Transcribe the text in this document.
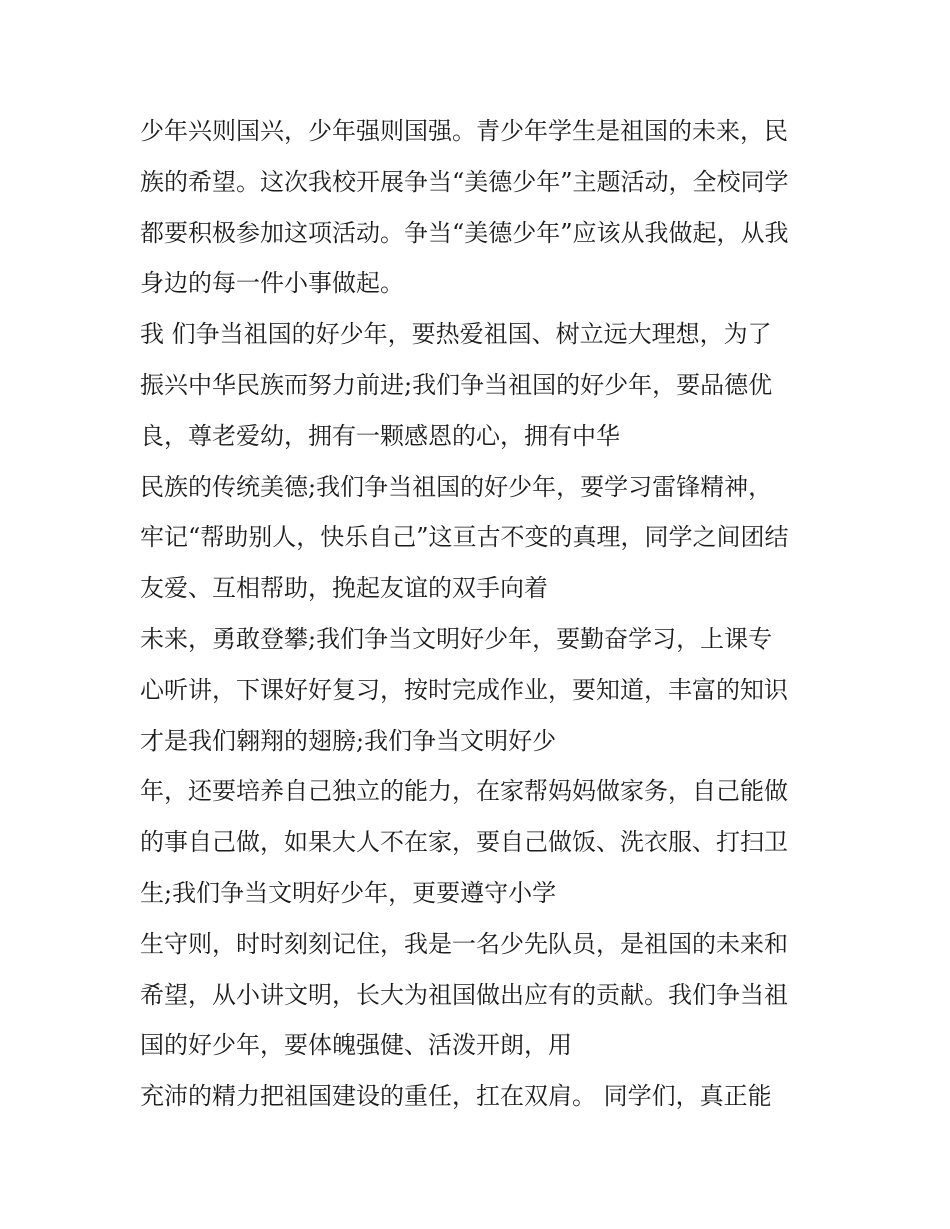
少年兴则国兴，少年强则国强。青少年学生是祖国的未来，民
族的希望。这次我校开展争当“美德少年”主题活动，全校同学
都要积极参加这项活动。争当“美德少年”应该从我做起，从我
身边的每一件小事做起。
我 们争当祖国的好少年，要热爱祖国、树立远大理想，为了
振兴中华民族而努力前进;我们争当祖国的好少年，要品德优
良，尊老爱幼，拥有一颗感恩的心，拥有中华
民族的传统美德;我们争当祖国的好少年，要学习雷锋精神，
牢记“帮助别人，快乐自己”这亘古不变的真理，同学之间团结
友爱、互相帮助，挽起友谊的双手向着
未来，勇敢登攀;我们争当文明好少年，要勤奋学习，上课专
心听讲，下课好好复习，按时完成作业，要知道，丰富的知识
才是我们翱翔的翅膀;我们争当文明好少
年，还要培养自己独立的能力，在家帮妈妈做家务，自己能做
的事自己做，如果大人不在家，要自己做饭、洗衣服、打扫卫
生;我们争当文明好少年，更要遵守小学
生守则，时时刻刻记住，我是一名少先队员，是祖国的未来和
希望，从小讲文明，长大为祖国做出应有的贡献。我们争当祖
国的好少年，要体魄强健、活泼开朗，用
充沛的精力把祖国建设的重任，扛在双肩。 同学们，真正能
